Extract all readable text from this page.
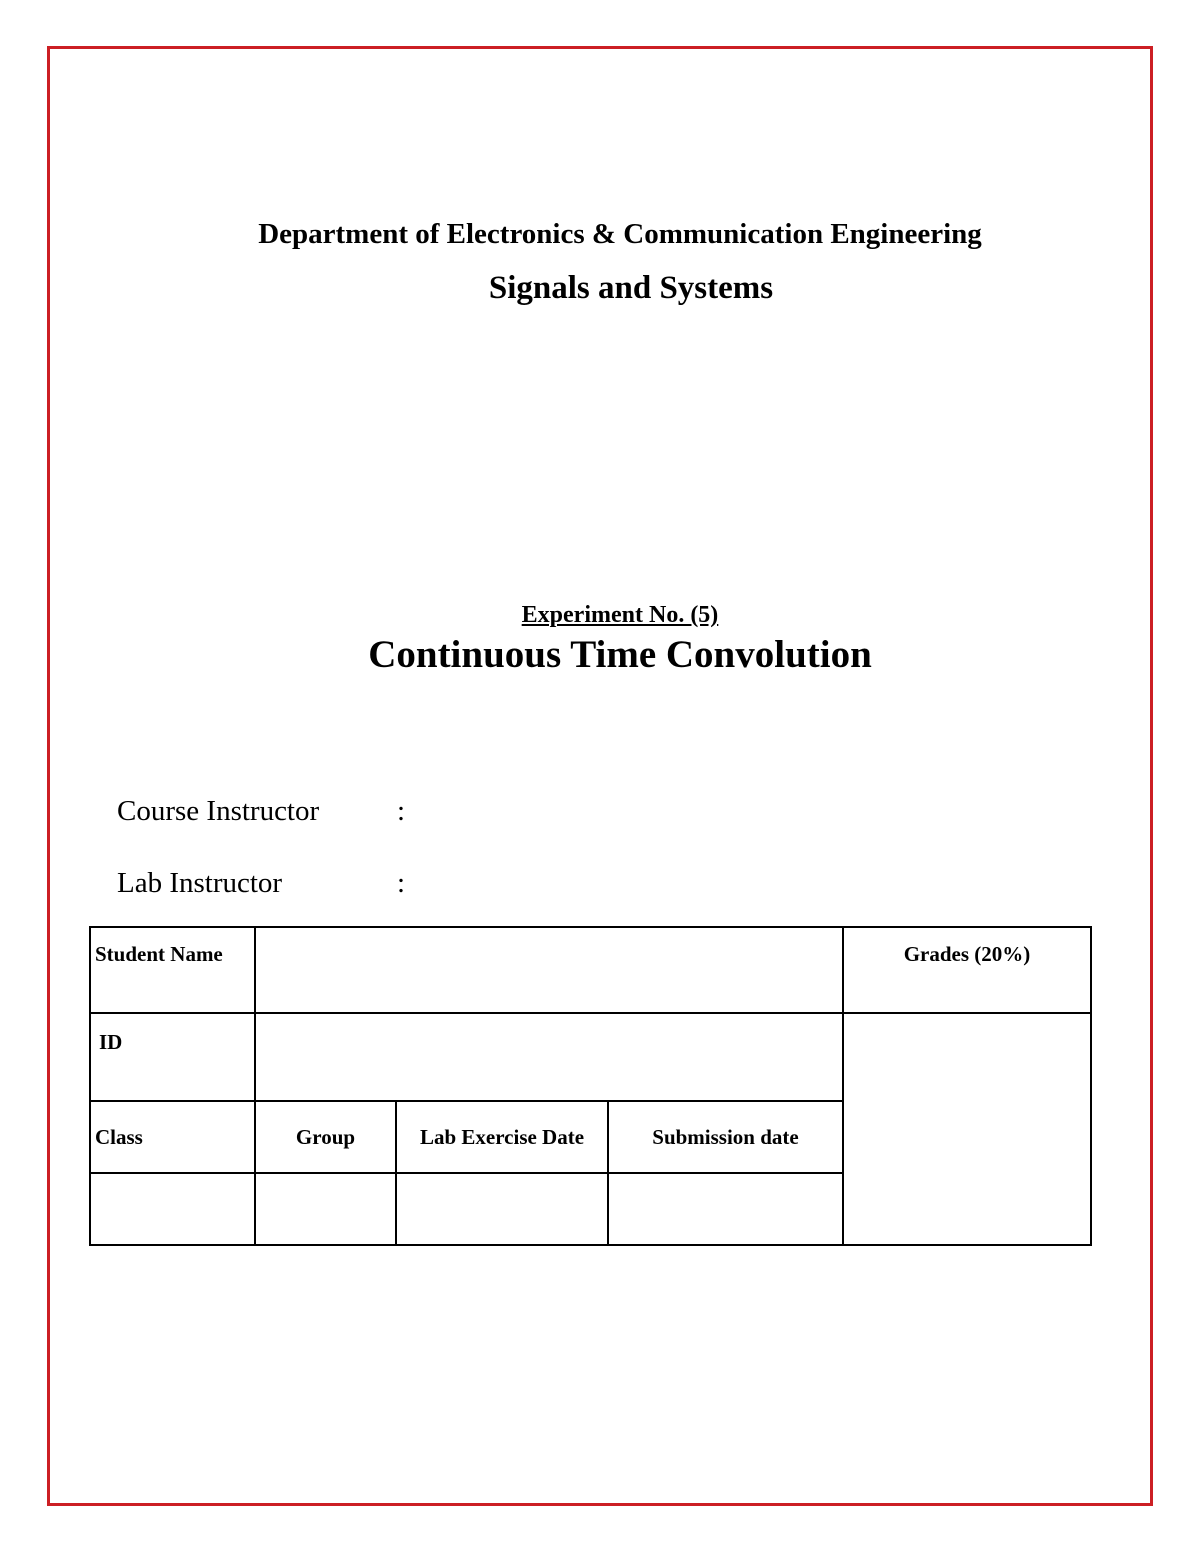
Department of Electronics & Communication Engineering
Signals and Systems
Experiment No. (5)
Continuous Time Convolution
Course Instructor	:
Lab Instructor	:
Student Name				Grades (20%)
ID				
Class	Group	Lab Exercise Date	Submission date	
